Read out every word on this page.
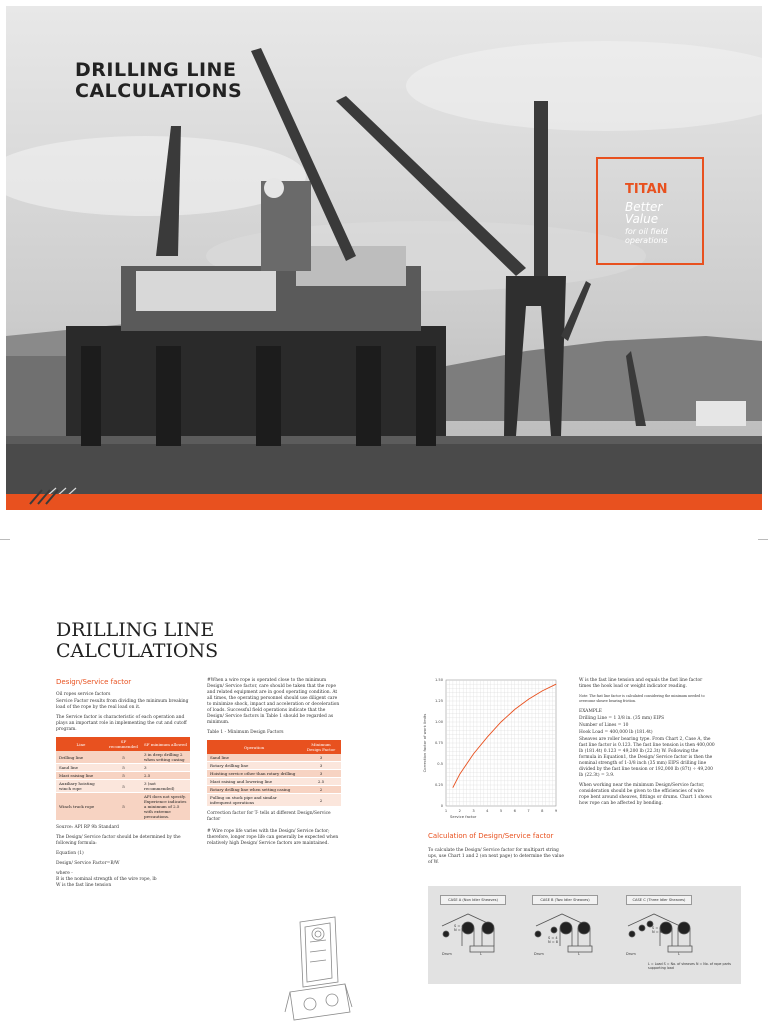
DRILLING LINE
CALCULATIONS
TITAN
Better
Value
for oil field
operations
DRILLING LINE
CALCULATIONS
Design/Service factor

Oil ropes service factors

Service Factor results from dividing the minimum breaking load of the rope by the real load on it.

The Service factor is characteristic of each operation and plays an important role in implementing the cut and cutoff program.

Line	SF recommended	SF minimum allowed
Drilling line	5	3 in deep drilling 2 when setting casing
Sand line	5	3
Mast raising line	5	2.5
Auxiliary hoisting winch rope	5	3 (not recommended)
Winch truck rope	5	API does not specify. Experience indicates a minimum of 2.5 with extreme precautions.

Source: API RP 9b Standard

The Design/ Service factor should be determined by the following formula:

Equation (1)

Design/ Service Factor=B/W

where -

B is the nominal strength of the wire rope, lb

W is the fast line tension

#When a wire rope is operated close to the minimum Design/ Service factor, care should be taken that the rope and related equipment are in good operating condition. At all times, the operating personnel should use diligent care to minimize shock, impact and acceleration or deceleration of loads. Successful field operations indicate that the Design/ Service factors in Table 1 should be regarded as minimum.

Table 1 - Minimum Design Factors

Operation	Minimum Design Factor
Sand line	3
Rotary drilling line	3
Hoisting service other than rotary drilling	3
Mast raising and lowering line	2.5
Rotary drilling line when setting casing	2
Pulling on stuck pipe and similar infrequent operations	2

Correction factor for T- tells at different Design/Service factor

# Wire rope life varies with the Design/ Service factor; therefore, longer rope life can generally be expected when relatively high Design/ Service factors are maintained.

0
0.25
0.5
0.75
1.00
1.25
1.50
1	2	3	4	5	6	7	8	9
Correction factor of work limits
Service factor
Calculation of Design/Service factor

To calculate the Design/ Service factor for multipart string ups, use Chart 1 and 2 (on next page) to determine the value of W.

W is the fast line tension and equals the fast line factor times the hook load or weight indicator reading.

Note: The fast line factor is calculated considering the minimum needed to overcome sheave bearing friction.

EXAMPLE

Drilling Line = 1 3/8 in. (35 mm) EIPS

Number of Lines = 10

Hook Load = 400,000 lb (181.4t)

Sheaves are roller bearing type. From Chart 2, Case A, the fast line factor is 0.123. The fast line tension is then 400,000 lb (181.4t) 0.123 = 49,200 lb (22.3t) W. Following the formula in Equation1, the Design/ Service factor is then the nominal strength of 1-3/8 inch (35 mm) EIPS drilling line divided by the fast line tension or 192,000 lb (87t) ÷ 49,200 lb (22.3t) = 3.9.

When working near the minimum Design/Service factor, consideration should be given to the efficiencies of wire rope bent around sheaves, fittings or drums. Chart 1 shows how rope can be affected by bending.

CASE A (Non Idler Sheaves)	CASE B (Two Idler Sheaves)	CASE C (Three Idler Sheaves)
S = 4
N = 8
S = 4
N = 8
S = 4
N = 8
Drum	Drum	Drum
L	L	L
L = Load S = No. of sheaves N = No. of rope parts supporting load
